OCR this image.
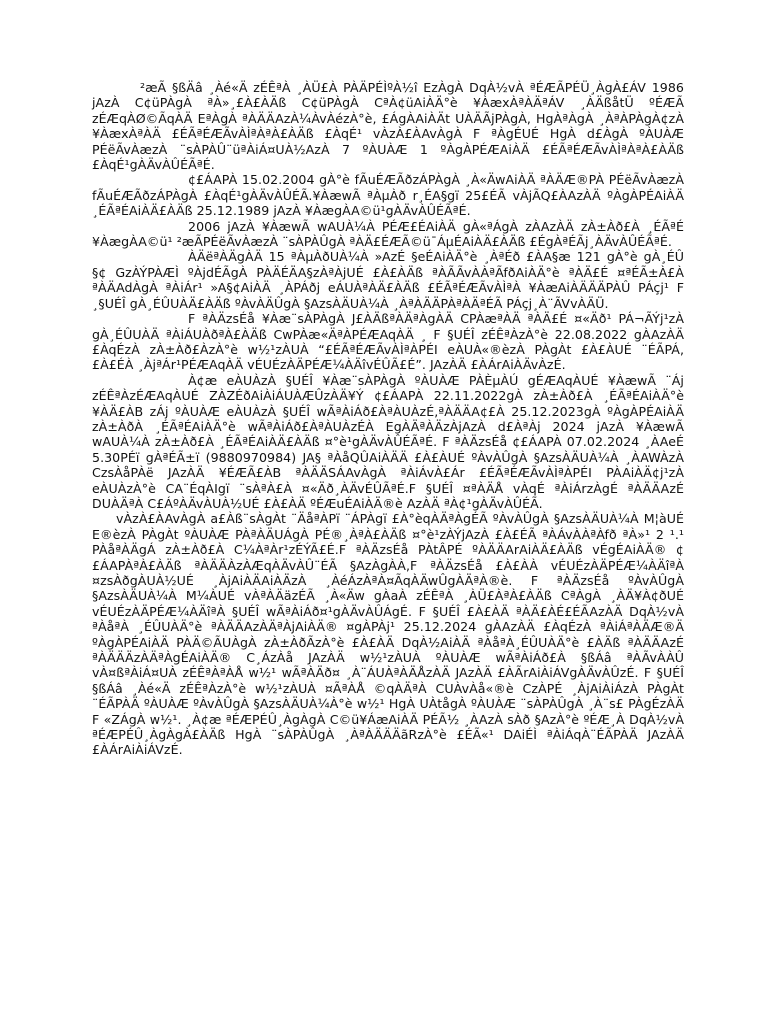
²æÃ §ßÄâ ¸Àé«Ä zÉÊªÀ ¸ÀÜ£À PÀÄPÉÌºÀ½î EzÀgÀ DqÀ½vÀ ªÉÆÃPÉÜ¸ÀgÀ£ÁV 1986 jAzÀ C¢üPÀgÀ ªÀ»¸£À£ÀÄß C¢üPÀgÀ CªÀ¢üAiÀÄ°è ¥ÀæxÀªÀÄªÁV ¸ÀÄßåtÜ ºÉÆÃ zÉÆqÀØ©ÃqÀÄ EªÀgÀ ªÀÄÄAzÀ¼ÀvÀézÀ°è, £ÁgÀAiÀÄt UÀÄÃjPÀgÀ, HgÀªÀgÀ ¸ÀªÀPÀgÀ¢zÀ ¥ÀæxÀªÀÄ £ÉÃªÉÆÃvÀÌªÀªÀ£ÀÄß £ÀqÉ¹ vÀzÀ£ÀAvÀgÀ F ªÀgÉUÉ HgÀ d£ÀgÀ ºÀUÀÆ PÉëÃvÀæzÀ ¨sÀPÀÛ¨üªÀiÁ¤UÀ½AzÀ 7 ºÀUÀÆ 1 ºÀgÀPÉÆAiÀÄ £ÉÃªÉÆÃvÀÌªÀªÀ£ÀÄß £ÀqÉ¹gÀÄvÀÛÉÃªÉ.

¢£ÁAPÀ 15.02.2004 gÀ°è fÃuÉÆÃðzÁPÀgÀ ¸À«ÄwAiÀÄ ªÀÄÆ®PÀ PÉëÃvÀæzÀ fÃuÉÆÃðzÁPÀgÀ £ÀqÉ¹gÀÄvÀÛÉÃ.¥ÀæwÃ ªÀµÀð r¸ÉA§gï 25£ÉÃ vÀjÃQ£ÀAzÀÄ ºÀgÀPÉAiÀÄ ¸ÉÃªÉAiÀÄ£ÀÄß 25.12.1989 jAzÀ ¥ÀægÀA©ü¹gÀÄvÀÛÉÃªÉ.

2006 jAzÀ ¥ÀæwÃ wAUÀ¼À PÉÆ£ÉAiÀÄ gÀ«ªÁgÀ zÀAzÀÄ zÀ±Àð£À ¸ÉÃªÉ ¥ÀægÀA©ü¹ ²æÃPÉëÃvÀæzÀ ¨sÀPÀÛgÀ ªÀÄ£ÉÆÃ©ü¯ÁµÉAiÀÄ£ÀÄß £ÉgÀªÉÃj¸ÀÄvÀÛÉÃªÉ.

ÀÄëªÀÄgÀÄ 15 ªÀµÀðUÀ¼À »AzÉ §eÉAiÀÄ°è ¸ÀªÉð £ÀA§æ 121 gÀ°è gÀ¸ÉÛ §¢ GzÀÝPÀÆÌ ºÀjdÉÃgÀ PÀÄÉÄA§zÀªÀjUÉ £À£ÀÄß ªÀÃÃvÀÀªÃfðAiÀÄ°è ªÀÄ£É ¤ªÉÃ±À£À ªÀÄAdÀgÀ ªÀiÁr¹ »A§¢AiÀÄ ¸ÀPÁðj eÁUÀªÀÄ£ÀÄß £ÉÃªÉÆÃvÀÌªÀ ¥ÀæAiÀÄÄÄPÀÛ PÁçj¹ F ¸§UÉÎ gÀ¸ÉÛUÀÄ£ÀÄß ºÀvÀÄÛgÀ §AzsÀÄUÀ¼À ¸ÀªÀÄÄPÀªÀÄªÉÃ PÁçj¸À¨ÃVvÀÄÜ.

F ªÀÄzsÉå ¥Àæ¨sÀPÀgÀ J£ÀÄßªÀÄªÀgÀÄ CPÀæªÀÄ ªÀÄ£É ¤«Äð¹ PÁ¬ÃÝj¹zÀ gÀ¸ÉÛUÀÄ ªÀiÁUÀðªÀ£ÀÄß CwPÀæ«ÄªÀPÉÆAqÀÄ ¸ F §UÉÎ zÉÊªÀzÀ°è 22.08.2022 gÀAzÀÄ £ÀqÉzÀ zÀ±Àð£ÀzÀ°è w½¹zÀUÀ “£ÉÃªÉÆÃvÀÌªÀPÉI eÀUÀ«®èzÀ PÀgÀt £À£ÀUÉ ¨ÉÃPÁ, £À£ÉÀ ¸ÀjªÁr¹PÉÆAqÀÄ vÉUÉzÀÄPÉÆ¼ÀÄîvÉÛÃ£É”. JAzÀÄ £ÀÁrAiÀÄvÀzÉ.

À¢æ eÀUÀzÀ §UÉÎ ¥Àæ¨sÀPÀgÀ ºÀUÀÆ PÀÈµÀÚ gÉÆAqÀUÉ ¥ÀæwÃ ¨Áj zÉÊªÀzÉÆAqÀUÉ ZÀZÉðAiÀiÁUÀÆÛzÀÄ¥Ý ¢£ÁAPÀ 22.11.2022gÀ zÀ±Àð£À ¸ÉÃªÉAiÀÄ°è ¥ÀÄ£ÀB zÁj ºÀUÀÆ eÀUÀzÀ §UÉÎ wÃªÀiÁð£ÀªÀUÀzÉ,ªÀÄÄA¢£À 25.12.2023gÀ ºÀgÀPÉAiÀÄ zÀ±ÀðÀ ¸ÉÃªÉAiÀÄ°è wÃªÀiÁð£ÀªÀUÀzÉÀ EgÀÄªÀÄzÀjAzÀ d£ÀªÀj 2024 jAzÀ ¥ÀæwÃ wAUÀ¼À zÀ±Àð£À ¸ÉÃªÉAiÀÄ£ÀÄß ¤°è¹gÀÄvÀÛÉÃªÉ. F ªÀÄzsÉå ¢£ÁAPÀ 07.02.2024 ¸ÀAeÉ 5.30PÉï gÀªÉÃ±ï (9880970984) JA§ ªÀåQÛAiÀÄÄ £À£ÀUÉ ºÀvÀÛgÀ §AzsÀÄUÀ¼À ¸ÀAWÀzÀ CzsÀåPÀë JAzÀÄ ¥ÉÆÃ£ÀB ªÀÄÄSÁAvÀgÀ ªÀiÁvÀ£Ár £ÉÃªÉÆÃvÀÌªÀPÉI PÀAiÀÄ¢j¹zÀ eÀUÀzÀ°è CA¨ÉqÀIgï ¨sÀªÀ£À ¤«Äð¸ÀÄvÉÛÃªÉ.F §UÉÎ ¤ªÀÄÅ vÀqÉ ªÀiÁrzÀgÉ ªÀÄÄAzÉ DUÀÄªÀ C£ÁºÀÄvÀUÀ½UÉ £À£ÀÄ ºÉÆuÉAiÀÄ®è AzÀÄ ªÀ¢¹gÀÄvÀÛÉÃ.

vÀzÀ£ÀAvÀgÀ a£Àß¨sÀgÀt ¨ÄåªÀPï ¨ÁPÀgï £À°èqÀÄªÀgÉÃ ºÀvÀÛgÀ §AzsÀÄUÀ¼À M¦àUÉ E®èzÀ PÀgÀt ºÀUÀÆ PÀªÀÄUÁgÀ PÉ®¸ÀªÀ£ÀÄß ¤°è¹zÀÝjAzÀ £À£ÉÃ ªÀÁvÀÀªÀfð ªÀ»¹ 2 ¹.¹ PÀåªÀÄgÁ zÀ±Àð£À C¼ÀªÀr¹zÉÝÃ£É.F ªÀÄzsÉå PÀtÂPÉ ºÀÄÄArAiÀÄ£ÀÄß vÉgÉAiÀÄ® ¢£ÁAPÀªÀ£ÀÄß ªÀÄÄÀzÀÆqÀÄvÀÛ¨ÉÃ §AzÀgÀÀ,F ªÀÄzsÉå £À£ÀÀ vÉUÉzÀÄPÉÆ¼ÀÄîªÀ ¤zsÀðgÀUÀ½UÉ ¸ÀjAiÀÄAiÀÄzÀ ¸ÀéÁzÀªÀ¤ÃqÀÄwÛgÀÄªÀ®è. F ªÀÄzsÉå ºÀvÀÛgÀ §AzsÀÄUÀ¼À M¼ÀUÉ vÀªÀÄäzÉÃ ¸À«Äw gÀaÀ zÉÊªÀ ¸ÀÜ£ÀªÀ£ÀÄß CªÀgÀ ¸ÀÄ¥À¢ðUÉ vÉUÉzÀÄPÉÆ¼ÀÄîªÀ §UÉÎ wÃªÀiÁð¤¹gÀÄvÀÛÁgÉ. F §UÉÎ £À£ÀÄ ªÀÄ£ÀÉ£ÉÃAzÀÄ DqÀ½vÀ ªÀåªÀ ¸ÉÛUÀÄ°è ªÀÄÄAzÀÄªÀjAiÀÄ® ¤gÀPÀj¹ 25.12.2024 gÀAzÀÄ £ÀqÉzÀ ªÀiÁªÀÄÆ®Ä ºÀgÀPÉAiÀÄ PÀÄ©ÃUÀgÀ zÀ±ÀðÃzÀ°è £À£ÀÄ DqÀ½AiÀÄ ªÀåªÀ¸ÉÛUÀÄ°è £ÀÄß ªÀÄÄAzÉ ªÀÄÄÄzÀÄªÀgÉAiÀÄ® C¸ÁzÀå JAzÀÄ w½¹zÀUÀ ºÀUÀÆ wÃªÀiÁð£À §ßÁâ ªÀÃvÀÀÛ vÀ¤ßªÀiÁ¤UÀ zÉÊªÀªÀÅ w½¹ wÃªÀÄð¤ ¸À¨ÁUÀªÀÄÅzÀÄ JAzÀÄ £ÀÃrAiÀiÁVgÀÄvÀÛzÉ. F §UÉÎ §ßÁâ ¸Àé«Ä zÉÊªÀzÀ°è w½¹zÀUÀ ¤ÃªÀÅ ©qÀÄªÀ CUÀvÀå«®è CzÀPÉ ¸ÀjAiÀiÁzÀ PÀgÀt ¨ÉÃPÀÄ ºÀUÀÆ ºÀvÀÛgÀ §AzsÀÄUÀ¼À°è w½¹ HgÀ UÀtågÀ ºÀUÀÆ ¨sÀPÀÛgÀ ¸À¨s£ PÀgÉzÀÄ F «ZÁgÀ w½¹. ¸À¢æ ªÉÆPÉÛ¸ÀgÀgÀ C©ü¥ÁæAiÀÄ PÉÃ½ ¸ÀAzÀ sÀð §AzÀ°è ºÉÆ¸À DqÀ½vÀ ªÉÆPÉÛ¸ÀgÀgÀ£ÀÄß HgÀ ¨sÀPÀÛgÀ ¸ÀªÀÄÄÄãRzÀ°è £ÉÃ«¹ DAiÉÌ ªÀiÁqÀ¨ÉÃPÀÄ JAzÀÄ £ÀÁrAiÀiÁVzÉ.
